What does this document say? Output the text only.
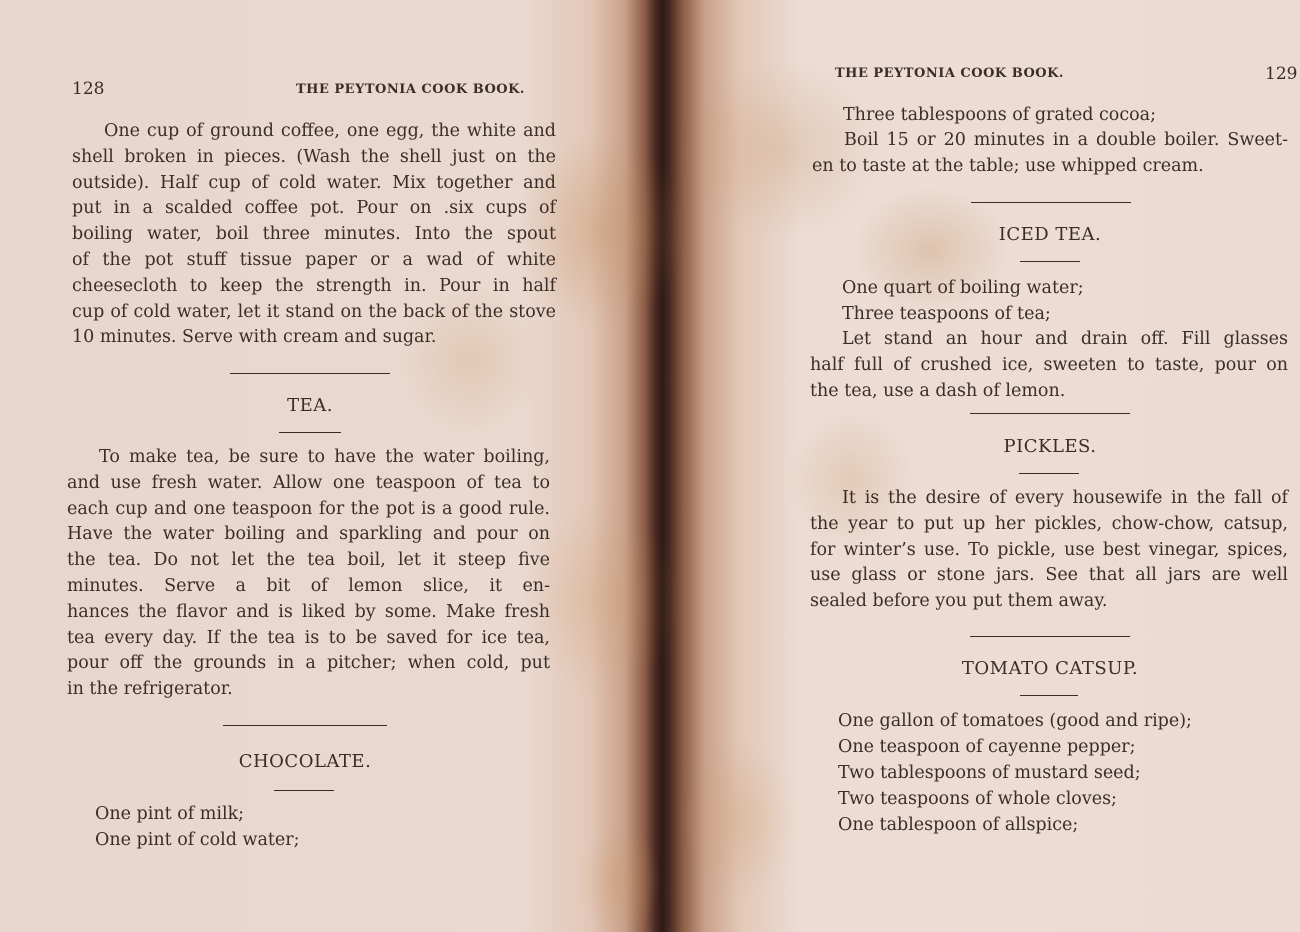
128	THE PEYTONIA COOK BOOK.
One cup of ground coffee, one egg, the white and
shell broken in pieces. (Wash the shell just on the
outside). Half cup of cold water. Mix together and
put in a scalded coffee pot. Pour on .six cups of
boiling water, boil three minutes. Into the spout
of the pot stuff tissue paper or a wad of white
cheesecloth to keep the strength in. Pour in half
cup of cold water, let it stand on the back of the stove
10 minutes. Serve with cream and sugar.
TEA.
To make tea, be sure to have the water boiling,
and use fresh water. Allow one teaspoon of tea to
each cup and one teaspoon for the pot is a good rule.
Have the water boiling and sparkling and pour on
the tea. Do not let the tea boil, let it steep five
minutes. Serve a bit of lemon slice, it en-
hances the flavor and is liked by some. Make fresh
tea every day. If the tea is to be saved for ice tea,
pour off the grounds in a pitcher; when cold, put
in the refrigerator.
CHOCOLATE.
One pint of milk;
One pint of cold water;
THE PEYTONIA COOK BOOK.	129
Three tablespoons of grated cocoa;
Boil 15 or 20 minutes in a double boiler. Sweet-
en to taste at the table; use whipped cream.
ICED TEA.
One quart of boiling water;
Three teaspoons of tea;
Let stand an hour and drain off. Fill glasses
half full of crushed ice, sweeten to taste, pour on
the tea, use a dash of lemon.
PICKLES.
It is the desire of every housewife in the fall of
the year to put up her pickles, chow-chow, catsup,
for winter’s use. To pickle, use best vinegar, spices,
use glass or stone jars. See that all jars are well
sealed before you put them away.
TOMATO CATSUP.
One gallon of tomatoes (good and ripe);
One teaspoon of cayenne pepper;
Two tablespoons of mustard seed;
Two teaspoons of whole cloves;
One tablespoon of allspice;
